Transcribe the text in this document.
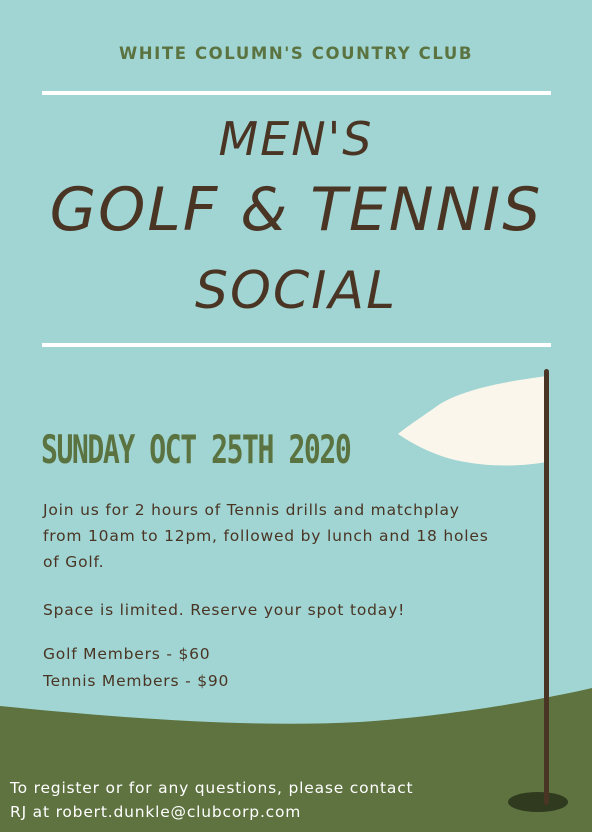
WHITE COLUMN'S COUNTRY CLUB
MEN'S
GOLF & TENNIS
SOCIAL
SUNDAY OCT 25TH 2020

Join us for 2 hours of Tennis drills and matchplay from 10am to 12pm, followed by lunch and 18 holes of Golf.

Space is limited. Reserve your spot today!
Golf Members - $60
Tennis Members - $90
To register or for any questions, please contact
RJ at robert.dunkle@clubcorp.com
